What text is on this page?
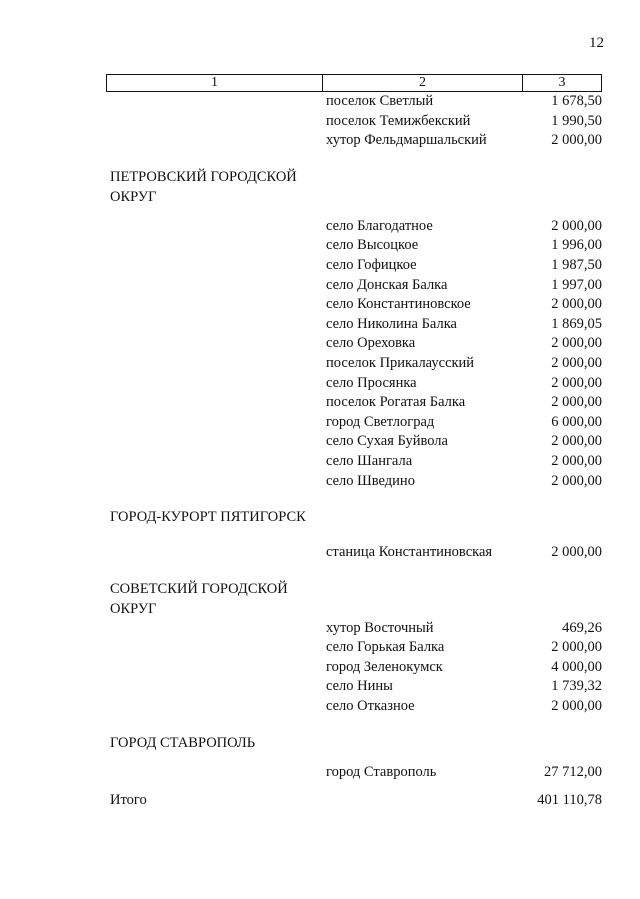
12
1	2	3
поселок Светлый	1 678,50
поселок Темижбекский	1 990,50
хутор Фельдмаршальский	2 000,00
ПЕТРОВСКИЙ ГОРОДСКОЙ ОКРУГ
село Благодатное	2 000,00
село Высоцкое	1 996,00
село Гофицкое	1 987,50
село Донская Балка	1 997,00
село Константиновское	2 000,00
село Николина Балка	1 869,05
село Ореховка	2 000,00
поселок Прикалаусский	2 000,00
село Просянка	2 000,00
поселок Рогатая Балка	2 000,00
город Светлоград	6 000,00
село Сухая Буйвола	2 000,00
село Шангала	2 000,00
село Шведино	2 000,00
ГОРОД-КУРОРТ ПЯТИГОРСК
станица Константиновская	2 000,00
СОВЕТСКИЙ ГОРОДСКОЙ ОКРУГ
хутор Восточный	469,26
село Горькая Балка	2 000,00
город Зеленокумск	4 000,00
село Нины	1 739,32
село Отказное	2 000,00
ГОРОД СТАВРОПОЛЬ
город Ставрополь	27 712,00
Итого	401 110,78
